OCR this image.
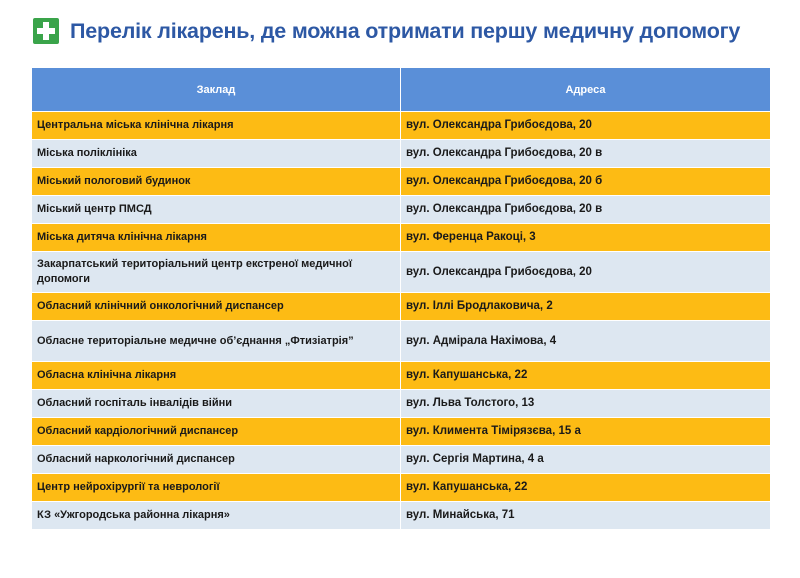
Перелік лікарень, де можна отримати першу медичну допомогу
Заклад	Адреса
Центральна міська клінічна лікарня	вул. Олександра Грибоєдова, 20
Міська поліклініка	вул. Олександра Грибоєдова, 20 в
Міський пологовий будинок	вул. Олександра Грибоєдова, 20 б
Міський центр ПМСД	вул. Олександра Грибоєдова, 20 в
Міська дитяча клінічна лікарня	вул. Ференца Ракоці, 3
Закарпатський територіальний центр екстреної медичної допомоги	вул. Олександра Грибоєдова, 20
Обласний клінічний онкологічний диспансер	вул. Іллі Бродлаковича, 2
Обласне територіальне медичне об’єднання „Фтизіатрія”	вул. Адмірала Нахімова, 4
Обласна клінічна лікарня	вул. Капушанська, 22
Обласний госпіталь інвалідів війни	вул. Льва Толстого, 13
Обласний кардіологічний диспансер	вул. Климента Тімірязєва, 15 а
Обласний наркологічний диспансер	вул. Сергія Мартина, 4 а
Центр нейрохірургії та неврології	вул. Капушанська, 22
КЗ «Ужгородська районна лікарня»	вул. Минайська, 71
